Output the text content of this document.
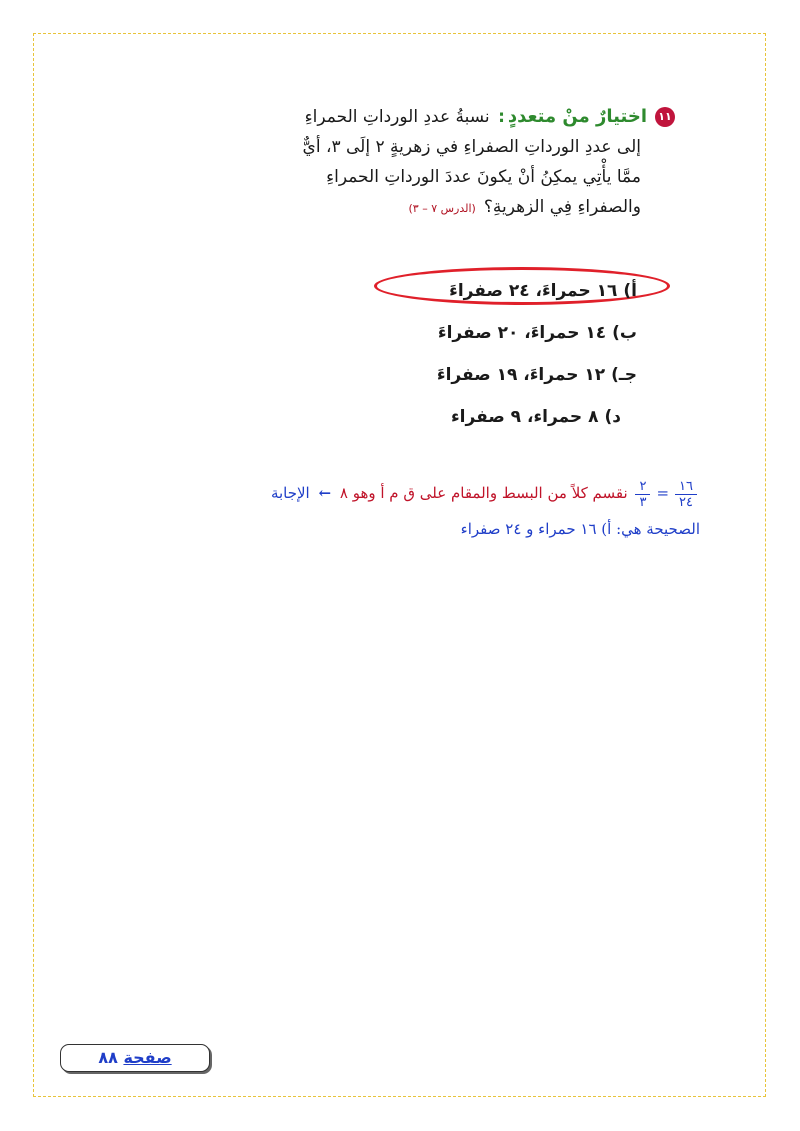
١١اختيارٌ منْ متعددٍ: نسبةُ عددِ الورداتِ الحمراءِ
إلى عددِ الورداتِ الصفراءِ في زهريةٍ ٢ إلَى ٣، أيٌّ
ممَّا يأْتِي يمكِنُ أنْ يكونَ عددَ الورداتِ الحمراءِ
والصفراءِ فِي الزهريةِ؟(الدرس ٧ – ٣)
أ)١٦ حمراءَ، ٢٤ صفراءَ
ب)١٤ حمراءَ، ٢٠ صفراءَ
جـ)١٢ حمراءَ، ١٩ صفراءَ
د)٨ حمراء، ٩ صفراء
$\frac{١٦}{٢٤}$
=
$\frac{٢}{٣}$
نقسم كلاً من البسط والمقام على ق م أ وهو ٨ ← الإجابة
الصحيحة هي: أ) ١٦ حمراء و ٢٤ صفراء
صفحة ٨٨
